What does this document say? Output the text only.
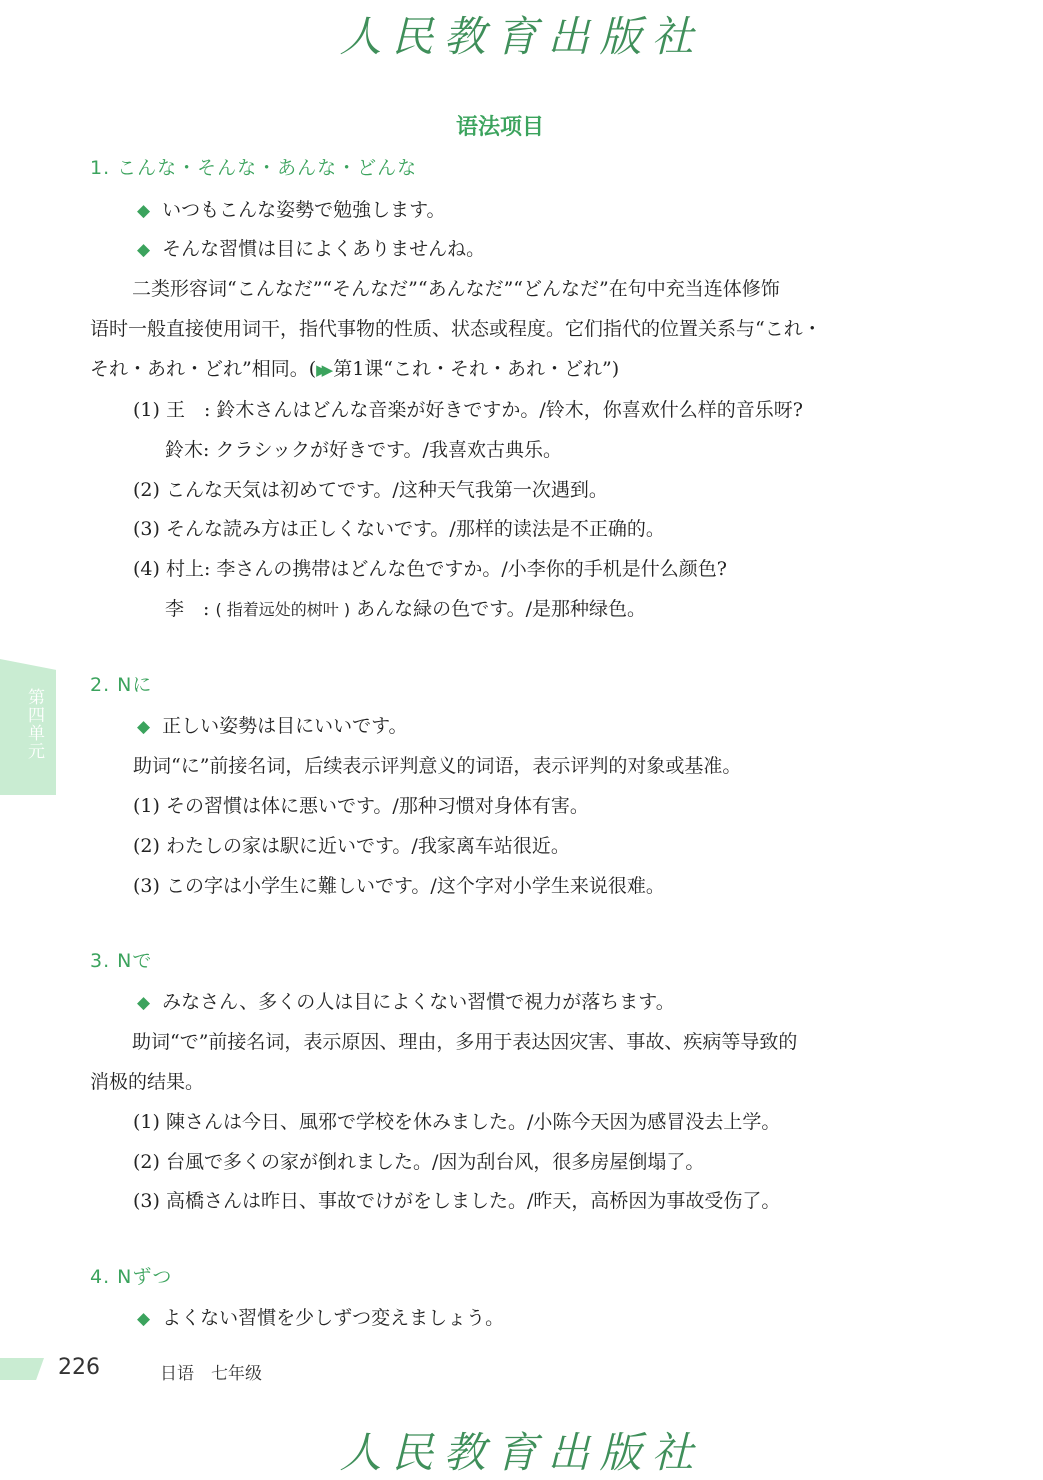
人民教育出版社
语法项目
1. こんな・そんな・あんな・どんな
◆ いつもこんな姿勢で勉強します。
◆ そんな習慣は目によくありませんね。
二类形容词“こんなだ”“そんなだ”“あんなだ”“どんなだ”在句中充当连体修饰
语时一般直接使用词干，指代事物的性质、状态或程度。它们指代的位置关系与“これ・
それ・あれ・どれ”相同。(▶▶ 第1课“これ・それ・あれ・どれ”)
(1) 王　: 鈴木さんはどんな音楽が好きですか。/铃木，你喜欢什么样的音乐呀?
鈴木: クラシックが好きです。/我喜欢古典乐。
(2) こんな天気は初めてです。/这种天气我第一次遇到。
(3) そんな読み方は正しくないです。/那样的读法是不正确的。
(4) 村上: 李さんの携帯はどんな色ですか。/小李你的手机是什么颜色?
李　: ( 指着远处的树叶 ) あんな緑の色です。/是那种绿色。
第四单元
2. Nに
◆ 正しい姿勢は目にいいです。
助词“に”前接名词，后续表示评判意义的词语，表示评判的对象或基准。
(1) その習慣は体に悪いです。/那种习惯对身体有害。
(2) わたしの家は駅に近いです。/我家离车站很近。
(3) この字は小学生に難しいです。/这个字对小学生来说很难。
3. Nで
◆ みなさん、多くの人は目によくない習慣で視力が落ちます。
助词“で”前接名词，表示原因、理由，多用于表达因灾害、事故、疾病等导致的
消极的结果。
(1) 陳さんは今日、風邪で学校を休みました。/小陈今天因为感冒没去上学。
(2) 台風で多くの家が倒れました。/因为刮台风，很多房屋倒塌了。
(3) 高橋さんは昨日、事故でけがをしました。/昨天，高桥因为事故受伤了。
4. Nずつ
◆ よくない習慣を少しずつ変えましょう。
226	日语　七年级
人民教育出版社
